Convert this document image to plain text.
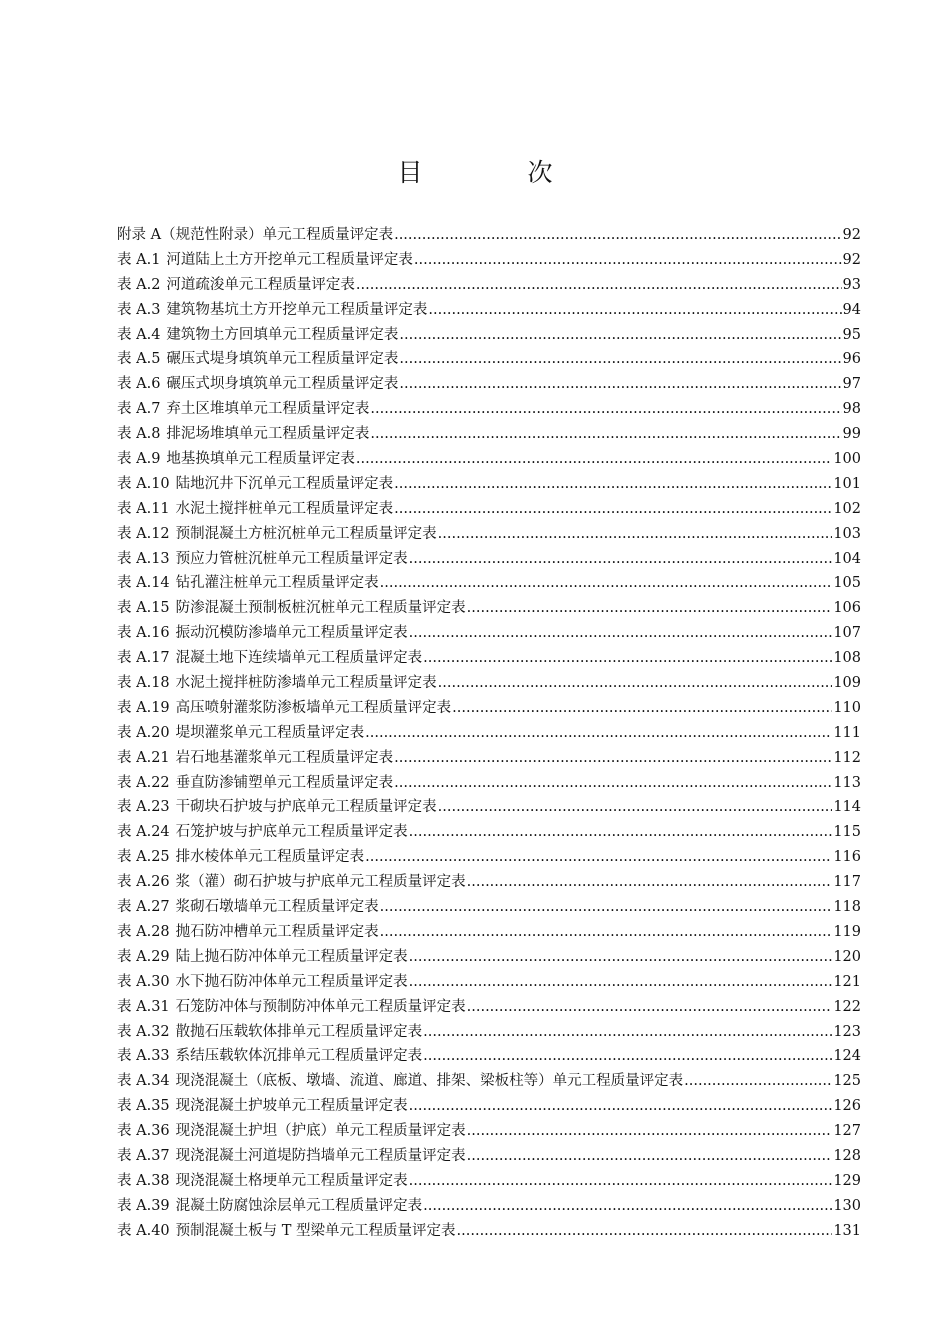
目　次
附录 A（规范性附录）单元工程质量评定表 .....	92
表 A.1 河道陆上土方开挖单元工程质量评定表 .....	92
表 A.2 河道疏浚单元工程质量评定表 .....	93
表 A.3 建筑物基坑土方开挖单元工程质量评定表 .....	94
表 A.4 建筑物土方回填单元工程质量评定表 .....	95
表 A.5 碾压式堤身填筑单元工程质量评定表 .....	96
表 A.6 碾压式坝身填筑单元工程质量评定表 .....	97
表 A.7 弃土区堆填单元工程质量评定表 .....	98
表 A.8 排泥场堆填单元工程质量评定表 .....	99
表 A.9 地基换填单元工程质量评定表 .....	100
表 A.10 陆地沉井下沉单元工程质量评定表 .....	101
表 A.11 水泥土搅拌桩单元工程质量评定表 .....	102
表 A.12 预制混凝土方桩沉桩单元工程质量评定表 .....	103
表 A.13 预应力管桩沉桩单元工程质量评定表 .....	104
表 A.14 钻孔灌注桩单元工程质量评定表 .....	105
表 A.15 防渗混凝土预制板桩沉桩单元工程质量评定表 .....	106
表 A.16 振动沉模防渗墙单元工程质量评定表 .....	107
表 A.17 混凝土地下连续墙单元工程质量评定表 .....	108
表 A.18 水泥土搅拌桩防渗墙单元工程质量评定表 .....	109
表 A.19 高压喷射灌浆防渗板墙单元工程质量评定表 .....	110
表 A.20 堤坝灌浆单元工程质量评定表 .....	111
表 A.21 岩石地基灌浆单元工程质量评定表 .....	112
表 A.22 垂直防渗铺塑单元工程质量评定表 .....	113
表 A.23 干砌块石护坡与护底单元工程质量评定表 .....	114
表 A.24 石笼护坡与护底单元工程质量评定表 .....	115
表 A.25 排水棱体单元工程质量评定表 .....	116
表 A.26 浆（灌）砌石护坡与护底单元工程质量评定表 .....	117
表 A.27 浆砌石墩墙单元工程质量评定表 .....	118
表 A.28 抛石防冲槽单元工程质量评定表 .....	119
表 A.29 陆上抛石防冲体单元工程质量评定表 .....	120
表 A.30 水下抛石防冲体单元工程质量评定表 .....	121
表 A.31 石笼防冲体与预制防冲体单元工程质量评定表 .....	122
表 A.32 散抛石压载软体排单元工程质量评定表 .....	123
表 A.33 系结压载软体沉排单元工程质量评定表 .....	124
表 A.34 现浇混凝土（底板、墩墙、流道、廊道、排架、梁板柱等）单元工程质量评定表 .....	125
表 A.35 现浇混凝土护坡单元工程质量评定表 .....	126
表 A.36 现浇混凝土护坦（护底）单元工程质量评定表 .....	127
表 A.37 现浇混凝土河道堤防挡墙单元工程质量评定表 .....	128
表 A.38 现浇混凝土格埂单元工程质量评定表 .....	129
表 A.39 混凝土防腐蚀涂层单元工程质量评定表 .....	130
表 A.40 预制混凝土板与 T 型梁单元工程质量评定表 .....	131
